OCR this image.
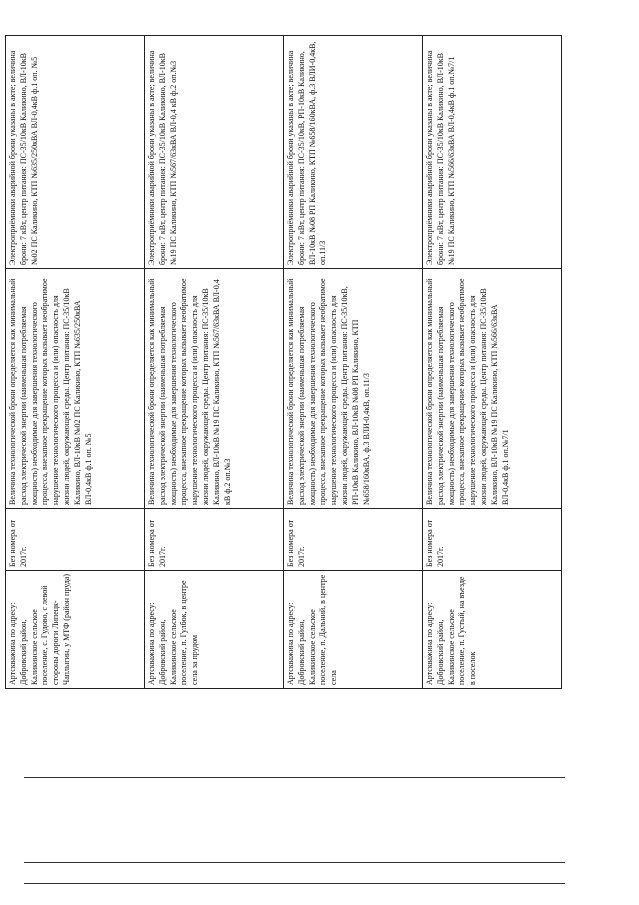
Артскважина по адресу: Добровский район, Каликинское сельское поселение, с. Гудово, с левой стороны дороги Липецк-Чаплыгин, у МТФ (район пруда)	Без номера от 2017г.	Величина технологической брони определяется как минимальный расход электрической энергии (наименьшая потребляемая мощность) необходимые для завершения технологического процесса, внезапное прекращение которых вызывает необратимое нарушение технологического процесса и (или) опасность для жизни людей, окружающей среды. Центр питания: ПС-35/10кВ Каликино, ВЛ-10кВ №02 ПС Каликино, КТП №635/250кВА ВЛ-0,4кВ ф.1 оп. №5	Электроприёмники аварийной брони указаны в акте; величина брони: 7 кВт, центр питания: ПС-35/10кВ Каликино, ВЛ-10кВ №02 ПС Каликино, КТП №635/250кВА ВЛ-0,4кВ ф.1 оп. №5
Артскважина по адресу: Добровский район, Каликинское сельское поселение, п. Гулбок, в центре села за прудом	Без номера от 2017г.	Величина технологической брони определяется как минимальный расход электрической энергии (наименьшая потребляемая мощность) необходимые для завершения технологического процесса, внезапное прекращение которых вызывает необратимое нарушение технологического процесса и (или) опасность для жизни людей, окружающей среды. Центр питания: ПС-35/10кВ Каликино, ВЛ-10кВ №19 ПС Каликино, КТП №567/63кВА ВЛ-0,4 кВ ф.2 оп.№3	Электроприёмники аварийной брони указаны в акте; величина брони: 7 кВт, центр питания: ПС-35/10кВ Каликино, ВЛ-10кВ №19 ПС Каликино, КТП №567/63кВА ВЛ-0,4 кВ ф.2 оп.№3
Артскважина по адресу: Добровский район, Каликинское сельское поселение, п. Дальний, в центре села	Без номера от 2017г.	Величина технологической брони определяется как минимальный расход электрической энергии (наименьшая потребляемая мощность) необходимые для завершения технологического процесса, внезапное прекращение которых вызывает необратимое нарушение технологического процесса и (или) опасность для жизни людей, окружающей среды. Центр питания: ПС-35/10кВ, РП-10кВ Каликино, ВЛ-10кВ №08 РП Каликино, КТП №658/160кВА, ф.3 ВЛИ-0,4кВ, оп.11/3	Электроприёмники аварийной брони указаны в акте; величина брони: 7 кВт, центр питания: ПС-35/10кВ, РП-10кВ Каликино, ВЛ-10кВ №08 РП Каликино, КТП №658/160кВА, ф.3 ВЛИ-0,4кВ, оп.11/3
Артскважина по адресу: Добровский район, Каликинское сельское поселение, п. Густый, на въезде в поселок	Без номера от 2017г.	Величина технологической брони определяется как минимальный расход электрической энергии (наименьшая потребляемая мощность) необходимые для завершения технологического процесса, внезапное прекращение которых вызывает необратимое нарушение технологического процесса и (или) опасность для жизни людей, окружающей среды. Центр питания: ПС-35/10кВ Каликино, ВЛ-10кВ №19 ПС Каликино, КТП №566/63кВА ВЛ-0,4кВ ф.1 оп.№7/1	Электроприёмники аварийной брони указаны в акте; величина брони: 7 кВт, центр питания: ПС-35/10кВ Каликино, ВЛ-10кВ №19 ПС Каликино, КТП №566/63кВА ВЛ-0,4кВ ф.1 оп.№7/1
